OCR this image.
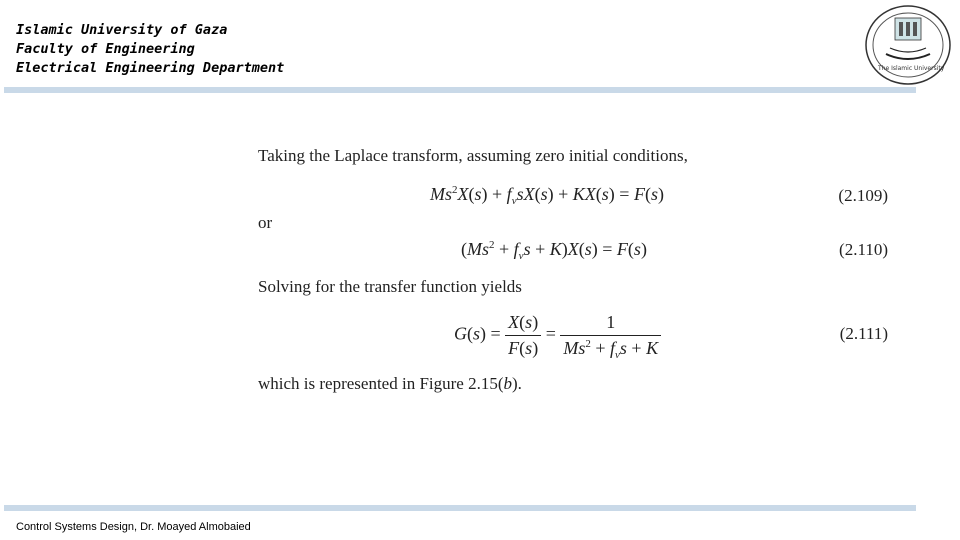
Islamic University of Gaza
Faculty of Engineering
Electrical Engineering Department	The Islamic University
Taking the Laplace transform, assuming zero initial conditions,
$Ms^2X(s) + f_vsX(s) + KX(s) = F(s)$	(2.109)
or
$(Ms^2 + f_vs + K)X(s) = F(s)$	(2.110)
Solving for the transfer function yields
$G(s) = \frac{X(s)}{F(s)} = \frac{1}{Ms^2 + f_vs + K}$	(2.111)
which is represented in Figure 2.15(b).
Control Systems Design, Dr. Moayed Almobaied
